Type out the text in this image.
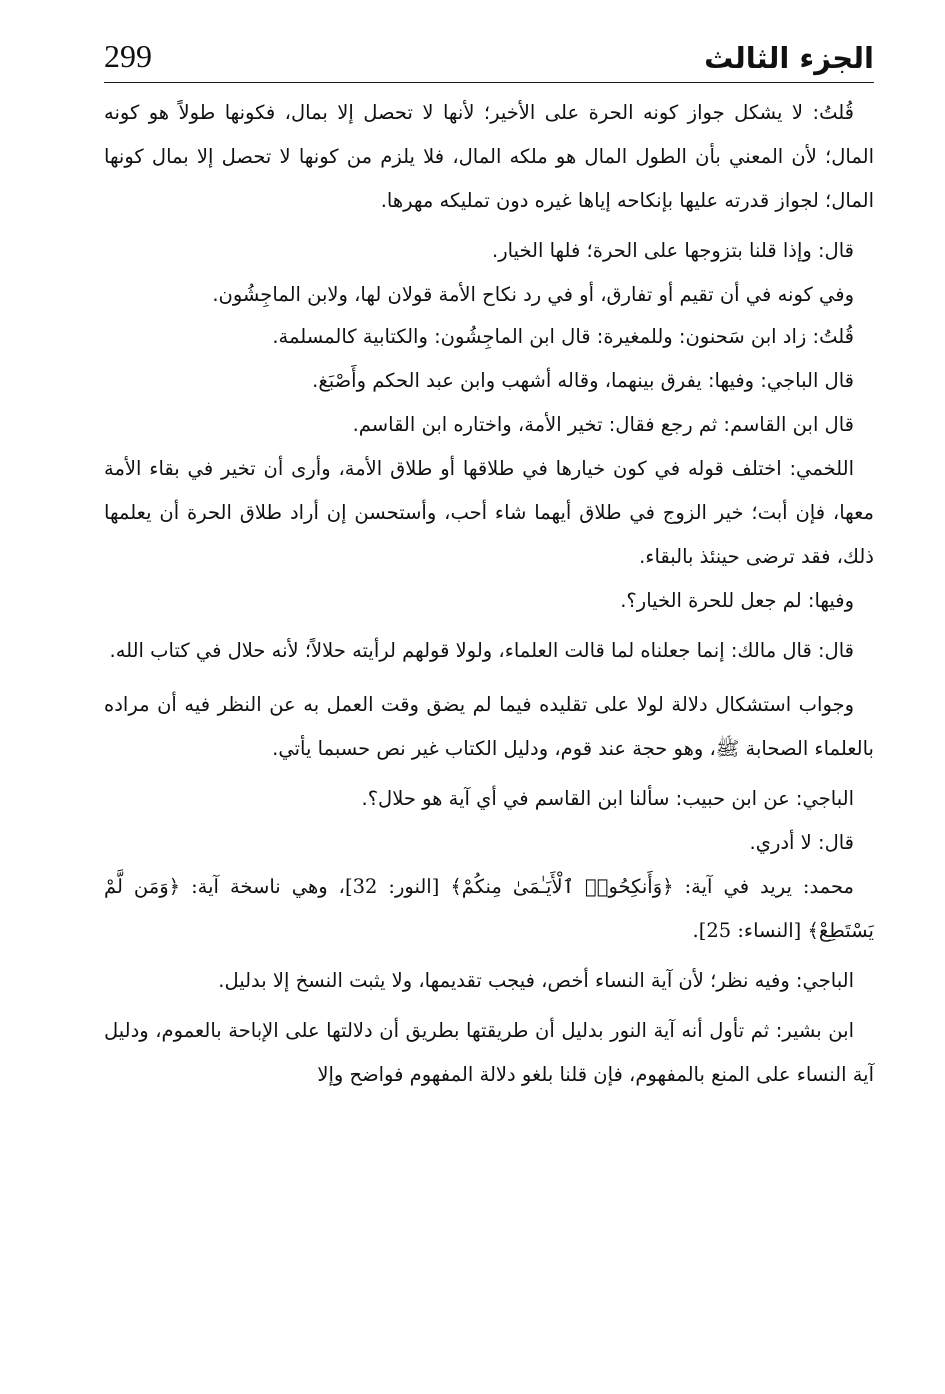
الجزء الثالث
299

قُلتُ: لا يشكل جواز كونه الحرة على الأخير؛ لأنها لا تحصل إلا بمال، فكونها طولاً هو كونه المال؛ لأن المعني بأن الطول المال هو ملكه المال، فلا يلزم من كونها لا تحصل إلا بمال كونها المال؛ لجواز قدرته عليها بإنكاحه إياها غيره دون تمليكه مهرها.

قال: وإذا قلنا بتزوجها على الحرة؛ فلها الخيار.

وفي كونه في أن تقيم أو تفارق، أو في رد نكاح الأمة قولان لها، ولابن الماجِشُون.

قُلتُ: زاد ابن سَحنون: وللمغيرة: قال ابن الماجِشُون: والكتابية كالمسلمة.

قال الباجي: وفيها: يفرق بينهما، وقاله أشهب وابن عبد الحكم وأَصْبَغ.

قال ابن القاسم: ثم رجع فقال: تخير الأمة، واختاره ابن القاسم.

اللخمي: اختلف قوله في كون خيارها في طلاقها أو طلاق الأمة، وأرى أن تخير في بقاء الأمة معها، فإن أبت؛ خير الزوج في طلاق أيهما شاء أحب، وأستحسن إن أراد طلاق الحرة أن يعلمها ذلك، فقد ترضى حينئذ بالبقاء.

وفيها: لم جعل للحرة الخيار؟.

قال: قال مالك: إنما جعلناه لما قالت العلماء، ولولا قولهم لرأيته حلالاً؛ لأنه حلال في كتاب الله.

وجواب استشكال دلالة لولا على تقليده فيما لم يضق وقت العمل به عن النظر فيه أن مراده بالعلماء الصحابة ﷺ، وهو حجة عند قوم، ودليل الكتاب غير نص حسبما يأتي.

الباجي: عن ابن حبيب: سألنا ابن القاسم في أي آية هو حلال؟.

قال: لا أدري.

محمد: يريد في آية: ﴿وَأَنكِحُوا۟ ٱلْأَيَـٰمَىٰ مِنكُمْ﴾ [النور: 32]، وهي ناسخة آية: ﴿وَمَن لَّمْ يَسْتَطِعْ﴾ [النساء: 25].

الباجي: وفيه نظر؛ لأن آية النساء أخص، فيجب تقديمها، ولا يثبت النسخ إلا بدليل.

ابن بشير: ثم تأول أنه آية النور بدليل أن طريقتها بطريق أن دلالتها على الإباحة بالعموم، ودليل آية النساء على المنع بالمفهوم، فإن قلنا بلغو دلالة المفهوم فواضح وإلا
